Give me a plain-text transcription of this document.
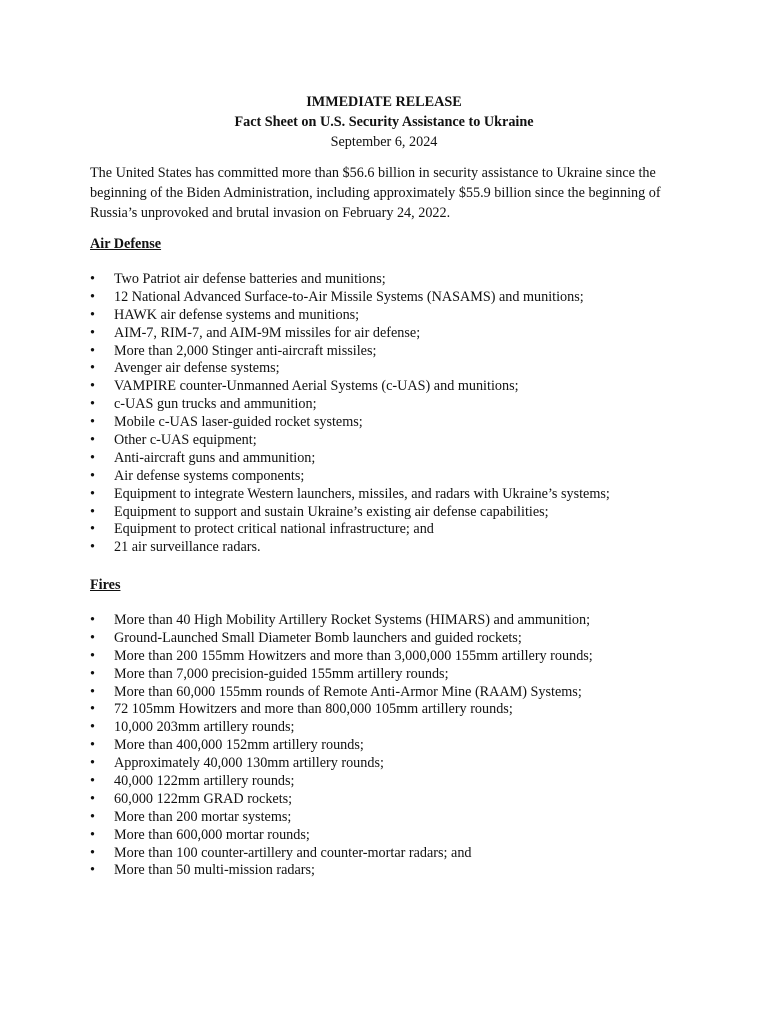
IMMEDIATE RELEASE
Fact Sheet on U.S. Security Assistance to Ukraine
September 6, 2024
The United States has committed more than $56.6 billion in security assistance to Ukraine since the beginning of the Biden Administration, including approximately $55.9 billion since the beginning of Russia’s unprovoked and brutal invasion on February 24, 2022.
Air Defense
• Two Patriot air defense batteries and munitions;
• 12 National Advanced Surface-to-Air Missile Systems (NASAMS) and munitions;
• HAWK air defense systems and munitions;
• AIM-7, RIM-7, and AIM-9M missiles for air defense;
• More than 2,000 Stinger anti-aircraft missiles;
• Avenger air defense systems;
• VAMPIRE counter-Unmanned Aerial Systems (c-UAS) and munitions;
• c-UAS gun trucks and ammunition;
• Mobile c-UAS laser-guided rocket systems;
• Other c-UAS equipment;
• Anti-aircraft guns and ammunition;
• Air defense systems components;
• Equipment to integrate Western launchers, missiles, and radars with Ukraine’s systems;
• Equipment to support and sustain Ukraine’s existing air defense capabilities;
• Equipment to protect critical national infrastructure; and
• 21 air surveillance radars.
Fires
• More than 40 High Mobility Artillery Rocket Systems (HIMARS) and ammunition;
• Ground-Launched Small Diameter Bomb launchers and guided rockets;
• More than 200 155mm Howitzers and more than 3,000,000 155mm artillery rounds;
• More than 7,000 precision-guided 155mm artillery rounds;
• More than 60,000 155mm rounds of Remote Anti-Armor Mine (RAAM) Systems;
• 72 105mm Howitzers and more than 800,000 105mm artillery rounds;
• 10,000 203mm artillery rounds;
• More than 400,000 152mm artillery rounds;
• Approximately 40,000 130mm artillery rounds;
• 40,000 122mm artillery rounds;
• 60,000 122mm GRAD rockets;
• More than 200 mortar systems;
• More than 600,000 mortar rounds;
• More than 100 counter-artillery and counter-mortar radars; and
• More than 50 multi-mission radars;
